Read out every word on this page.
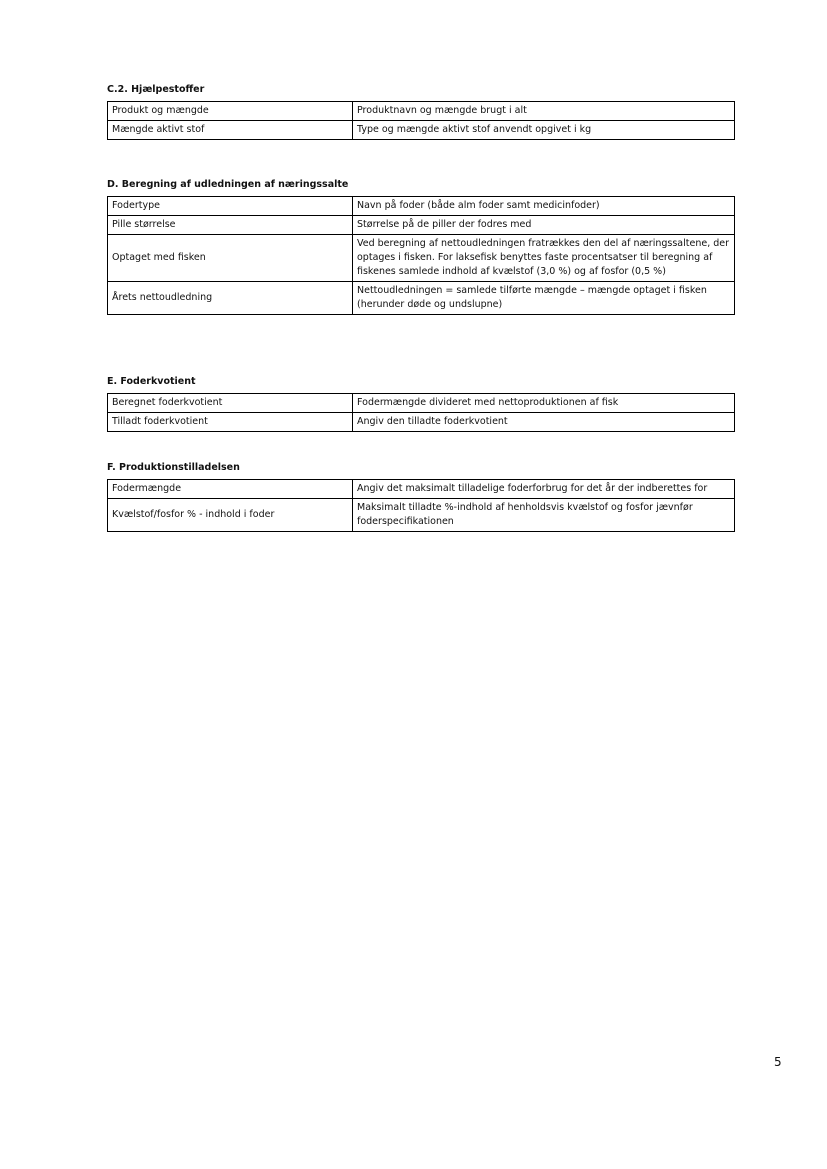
C.2. Hjælpestoffer

Produkt og mængde	Produktnavn og mængde brugt i alt
Mængde aktivt stof	Type og mængde aktivt stof anvendt opgivet i kg

D. Beregning af udledningen af næringssalte

Fodertype	Navn på foder (både alm foder samt medicinfoder)
Pille størrelse	Størrelse på de piller der fodres med
Optaget med fisken	Ved beregning af nettoudledningen fratrækkes den del af næringssaltene, der optages i fisken. For laksefisk benyttes faste procentsatser til beregning af fiskenes samlede indhold af kvælstof (3,0 %) og af fosfor (0,5 %)
Årets nettoudledning	Nettoudledningen = samlede tilførte mængde – mængde optaget i fisken (herunder døde og undslupne)

E. Foderkvotient

Beregnet foderkvotient	Fodermængde divideret med nettoproduktionen af fisk
Tilladt foderkvotient	Angiv den tilladte foderkvotient

F. Produktionstilladelsen

Fodermængde	Angiv det maksimalt tilladelige foderforbrug for det år der indberettes for
Kvælstof/fosfor % - indhold i foder	Maksimalt tilladte %-indhold af henholdsvis kvælstof og fosfor jævnfør foderspecifikationen
5
